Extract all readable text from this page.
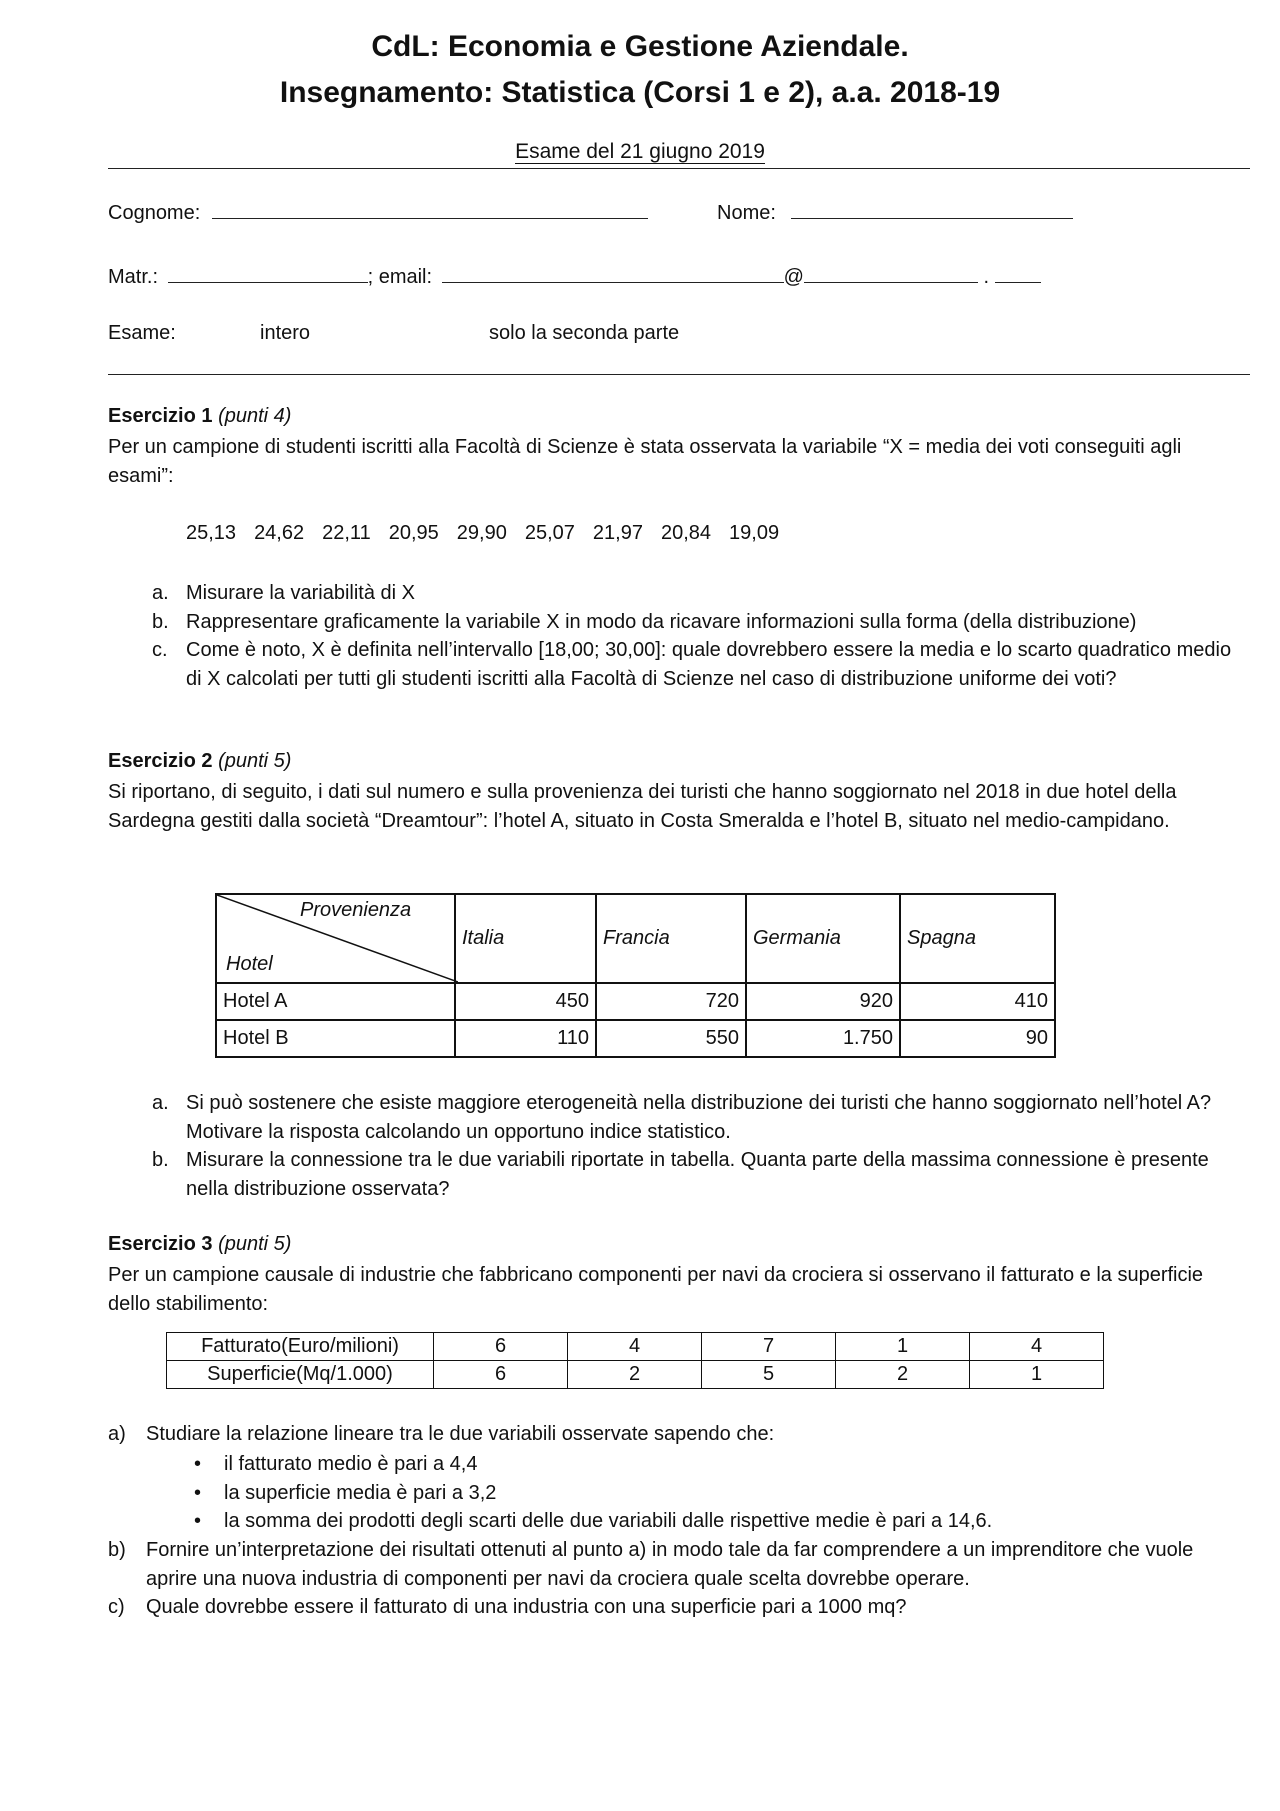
CdL: Economia e Gestione Aziendale.
Insegnamento: Statistica (Corsi 1 e 2), a.a. 2018-19
Esame del 21 giugno 2019
Cognome:	Nome:
Matr.:	; email:	@	.
Esame:	intero	solo la seconda parte
Esercizio 1 (punti 4)
Per un campione di studenti iscritti alla Facoltà di Scienze è stata osservata la variabile “X = media dei voti conseguiti agli esami”:
25,13 24,62 22,11 20,95 29,90 25,07 21,97 20,84 19,09
a. Misurare la variabilità di X
b. Rappresentare graficamente la variabile X in modo da ricavare informazioni sulla forma (della distribuzione)
c. Come è noto, X è definita nell’intervallo [18,00; 30,00]: quale dovrebbero essere la media e lo scarto quadratico medio di X calcolati per tutti gli studenti iscritti alla Facoltà di Scienze nel caso di distribuzione uniforme dei voti?
Esercizio 2 (punti 5)
Si riportano, di seguito, i dati sul numero e sulla provenienza dei turisti che hanno soggiornato nel 2018 in due hotel della Sardegna gestiti dalla società “Dreamtour”: l’hotel A, situato in Costa Smeralda e l’hotel B, situato nel medio-campidano.
Provenienza
Hotel	Italia	Francia	Germania	Spagna
Hotel A	450	720	920	410
Hotel B	110	550	1.750	90
a. Si può sostenere che esiste maggiore eterogeneità nella distribuzione dei turisti che hanno soggiornato nell’hotel A? Motivare la risposta calcolando un opportuno indice statistico.
b. Misurare la connessione tra le due variabili riportate in tabella. Quanta parte della massima connessione è presente nella distribuzione osservata?
Esercizio 3 (punti 5)
Per un campione causale di industrie che fabbricano componenti per navi da crociera si osservano il fatturato e la superficie dello stabilimento:
Fatturato(Euro/milioni)	6	4	7	1	4
Superficie(Mq/1.000)	6	2	5	2	1
a) Studiare la relazione lineare tra le due variabili osservate sapendo che:
• il fatturato medio è pari a 4,4
• la superficie media è pari a 3,2
• la somma dei prodotti degli scarti delle due variabili dalle rispettive medie è pari a 14,6.
b) Fornire un’interpretazione dei risultati ottenuti al punto a) in modo tale da far comprendere a un imprenditore che vuole aprire una nuova industria di componenti per navi da crociera quale scelta dovrebbe operare.
c) Quale dovrebbe essere il fatturato di una industria con una superficie pari a 1000 mq?
